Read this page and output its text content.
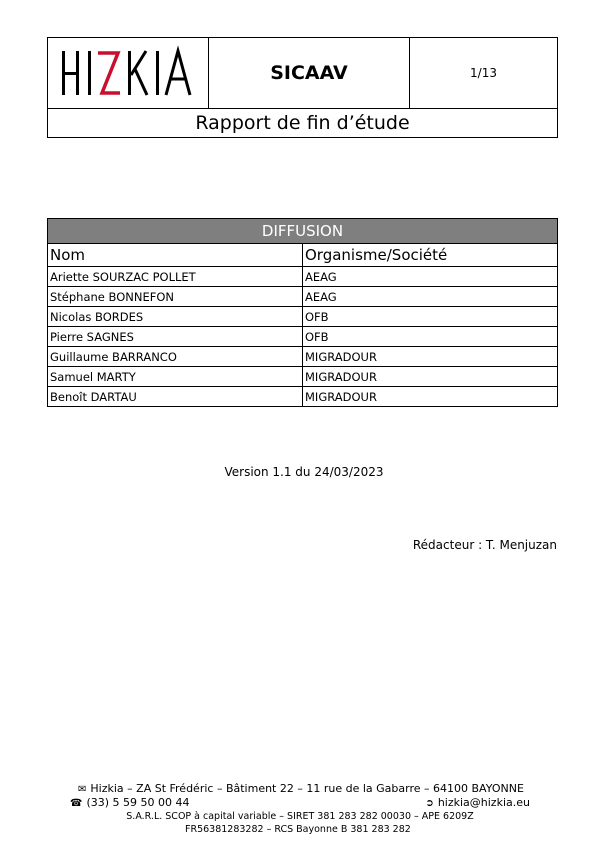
SICAAV	1/13
Rapport de fin d’étude
DIFFUSION	
Nom	Organisme/Société
Ariette SOURZAC POLLET	AEAG
Stéphane BONNEFON	AEAG
Nicolas BORDES	OFB
Pierre SAGNES	OFB
Guillaume BARRANCO	MIGRADOUR
Samuel MARTY	MIGRADOUR
Benoît DARTAU	MIGRADOUR
Version 1.1 du 24/03/2023
Rédacteur : T. Menjuzan
✉ Hizkia – ZA St Frédéric – Bâtiment 22 – 11 rue de la Gabarre – 64100 BAYONNE
☎ (33) 5 59 50 00 44	➲ hizkia@hizkia.eu
S.A.R.L. SCOP à capital variable – SIRET 381 283 282 00030 – APE 6209Z
FR56381283282 – RCS Bayonne B 381 283 282
